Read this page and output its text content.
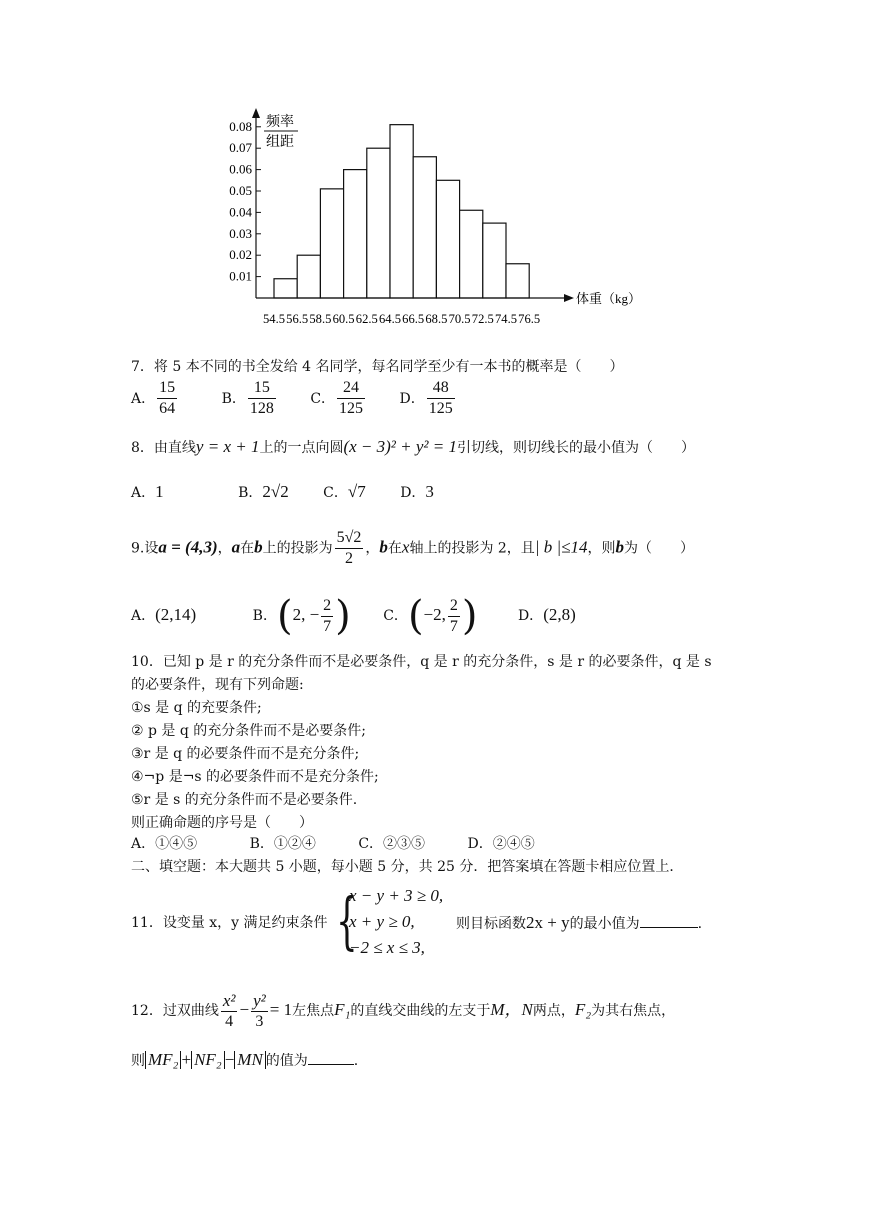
0.01
0.02
0.03
0.04
0.05
0.06
0.07
0.08
54.5 56.5 58.5 60.5 62.5 64.5 66.5 68.5 70.5 72.5 74.5 76.5
频率
组距
体重（kg）
7．将 5 本不同的书全发给 4 名同学，每名同学至少有一本书的概率是（　　）
A． $\frac{15}{64}$	B． $\frac{15}{128}$ C． $\frac{24}{125}$ D． $\frac{48}{125}$
8．由直线y = x + 1上的一点向圆(x − 3)² + y² = 1引切线，则切线长的最小值为（　　）
A．1	B．2√2 C．√7 D．3
9.设a = (4,3)，a在b上的投影为 $\frac{5√2}{2}$ ，b在x轴上的投影为 2，且| b |≤14，则b为（　　）
A．(2,14)	B．(2, − $\frac{2}{7}$ ) C．(−2, $\frac{2}{7}$ )	D．(2,8)
10．已知 p 是 r 的充分条件而不是必要条件，q 是 r 的充分条件，s 是 r 的必要条件，q 是 s
的必要条件，现有下列命题:
①s 是 q 的充要条件;
② p 是 q 的充分条件而不是必要条件;
③r 是 q 的必要条件而不是充分条件;
④¬p 是¬s 的必要条件而不是充分条件;
⑤r 是 s 的充分条件而不是必要条件.
则正确命题的序号是（　　）
A．①④⑤	B．①②④	C．②③⑤	D．②④⑤
二、填空题：本大题共 5 小题，每小题 5 分，共 25 分．把答案填在答题卡相应位置上．
11．设变量 x，y 满足约束条件 {
x − y + 3 ≥ 0,
x + y ≥ 0,
−2 ≤ x ≤ 3,
则目标函数2x + y的最小值为	.
12．过双曲线 $\frac{\text{x²}}{4} - \frac{\text{y²}}{3} = 1$左焦点F₁的直线交曲线的左支于M，N两点，F₂为其右焦点，
则 MF₂ + NF₂ − MN 的值为	.
